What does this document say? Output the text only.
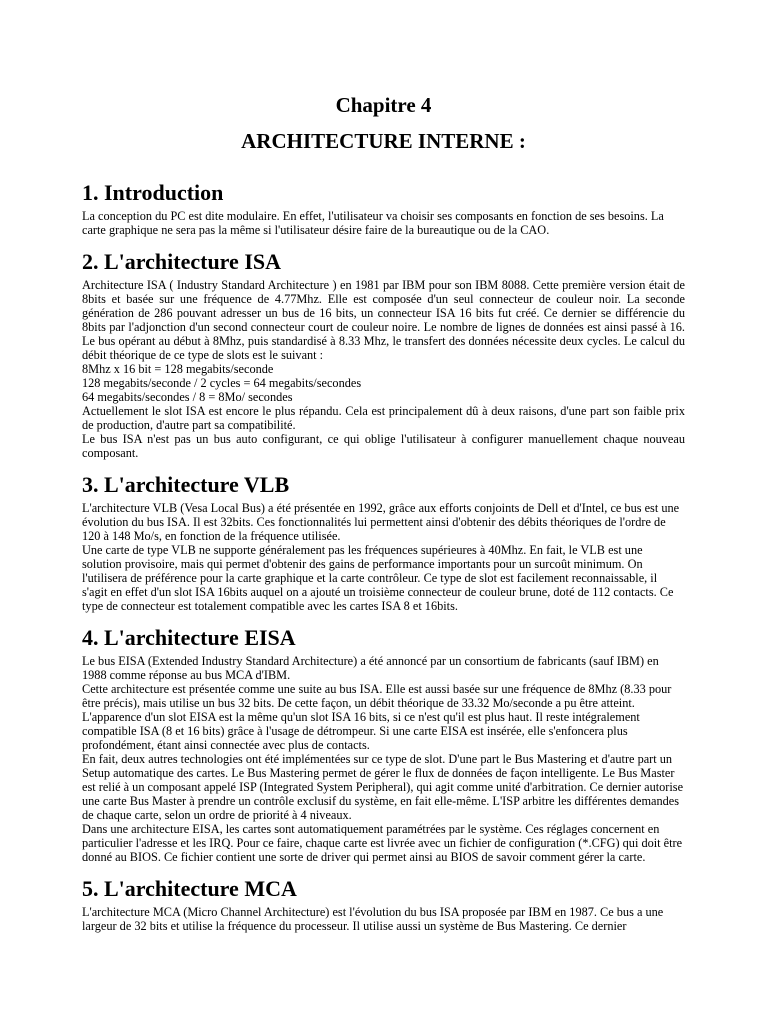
Chapitre 4
ARCHITECTURE INTERNE :
1. Introduction

La conception du PC est dite modulaire. En effet, l'utilisateur va choisir ses composants en fonction de ses besoins. La carte graphique ne sera pas la même si l'utilisateur désire faire de la bureautique ou de la CAO.

2. L'architecture ISA

Architecture ISA ( Industry Standard Architecture ) en 1981 par IBM pour son IBM 8088. Cette première version était de 8bits et basée sur une fréquence de 4.77Mhz. Elle est composée d'un seul connecteur de couleur noir. La seconde génération de 286 pouvant adresser un bus de 16 bits, un connecteur ISA 16 bits fut créé. Ce dernier se différencie du 8bits par l'adjonction d'un second connecteur court de couleur noire. Le nombre de lignes de données est ainsi passé à 16. Le bus opérant au début à 8Mhz, puis standardisé à 8.33 Mhz, le transfert des données nécessite deux cycles. Le calcul du débit théorique de ce type de slots est le suivant :

8Mhz x 16 bit = 128 megabits/seconde

128 megabits/seconde / 2 cycles = 64 megabits/secondes

64 megabits/secondes / 8 = 8Mo/ secondes

Actuellement le slot ISA est encore le plus répandu. Cela est principalement dû à deux raisons, d'une part son faible prix de production, d'autre part sa compatibilité.

Le bus ISA n'est pas un bus auto configurant, ce qui oblige l'utilisateur à configurer manuellement chaque nouveau composant.

3. L'architecture VLB

L'architecture VLB (Vesa Local Bus) a été présentée en 1992, grâce aux efforts conjoints de Dell et d'Intel, ce bus est une évolution du bus ISA. Il est 32bits. Ces fonctionnalités lui permettent ainsi d'obtenir des débits théoriques de l'ordre de 120 à 148 Mo/s, en fonction de la fréquence utilisée.

Une carte de type VLB ne supporte généralement pas les fréquences supérieures à 40Mhz. En fait, le VLB est une solution provisoire, mais qui permet d'obtenir des gains de performance importants pour un surcoût minimum. On l'utilisera de préférence pour la carte graphique et la carte contrôleur. Ce type de slot est facilement reconnaissable, il s'agit en effet d'un slot ISA 16bits auquel on a ajouté un troisième connecteur de couleur brune, doté de 112 contacts. Ce type de connecteur est totalement compatible avec les cartes ISA 8 et 16bits.

4. L'architecture EISA

Le bus EISA (Extended Industry Standard Architecture) a été annoncé par un consortium de fabricants (sauf IBM) en 1988 comme réponse au bus MCA d'IBM.

Cette architecture est présentée comme une suite au bus ISA. Elle est aussi basée sur une fréquence de 8Mhz (8.33 pour être précis), mais utilise un bus 32 bits. De cette façon, un débit théorique de 33.32 Mo/seconde a pu être atteint. L'apparence d'un slot EISA est la même qu'un slot ISA 16 bits, si ce n'est qu'il est plus haut. Il reste intégralement compatible ISA (8 et 16 bits) grâce à l'usage de détrompeur. Si une carte EISA est insérée, elle s'enfoncera plus profondément, étant ainsi connectée avec plus de contacts.

En fait, deux autres technologies ont été implémentées sur ce type de slot. D'une part le Bus Mastering et d'autre part un Setup automatique des cartes. Le Bus Mastering permet de gérer le flux de données de façon intelligente. Le Bus Master est relié à un composant appelé ISP (Integrated System Peripheral), qui agit comme unité d'arbitration. Ce dernier autorise une carte Bus Master à prendre un contrôle exclusif du système, en fait elle-même. L'ISP arbitre les différentes demandes de chaque carte, selon un ordre de priorité à 4 niveaux.

Dans une architecture EISA, les cartes sont automatiquement paramétrées par le système. Ces réglages concernent en particulier l'adresse et les IRQ. Pour ce faire, chaque carte est livrée avec un fichier de configuration (*.CFG) qui doit être donné au BIOS. Ce fichier contient une sorte de driver qui permet ainsi au BIOS de savoir comment gérer la carte.

5. L'architecture MCA

L'architecture MCA (Micro Channel Architecture) est l'évolution du bus ISA proposée par IBM en 1987. Ce bus a une largeur de 32 bits et utilise la fréquence du processeur. Il utilise aussi un système de Bus Mastering. Ce dernier
